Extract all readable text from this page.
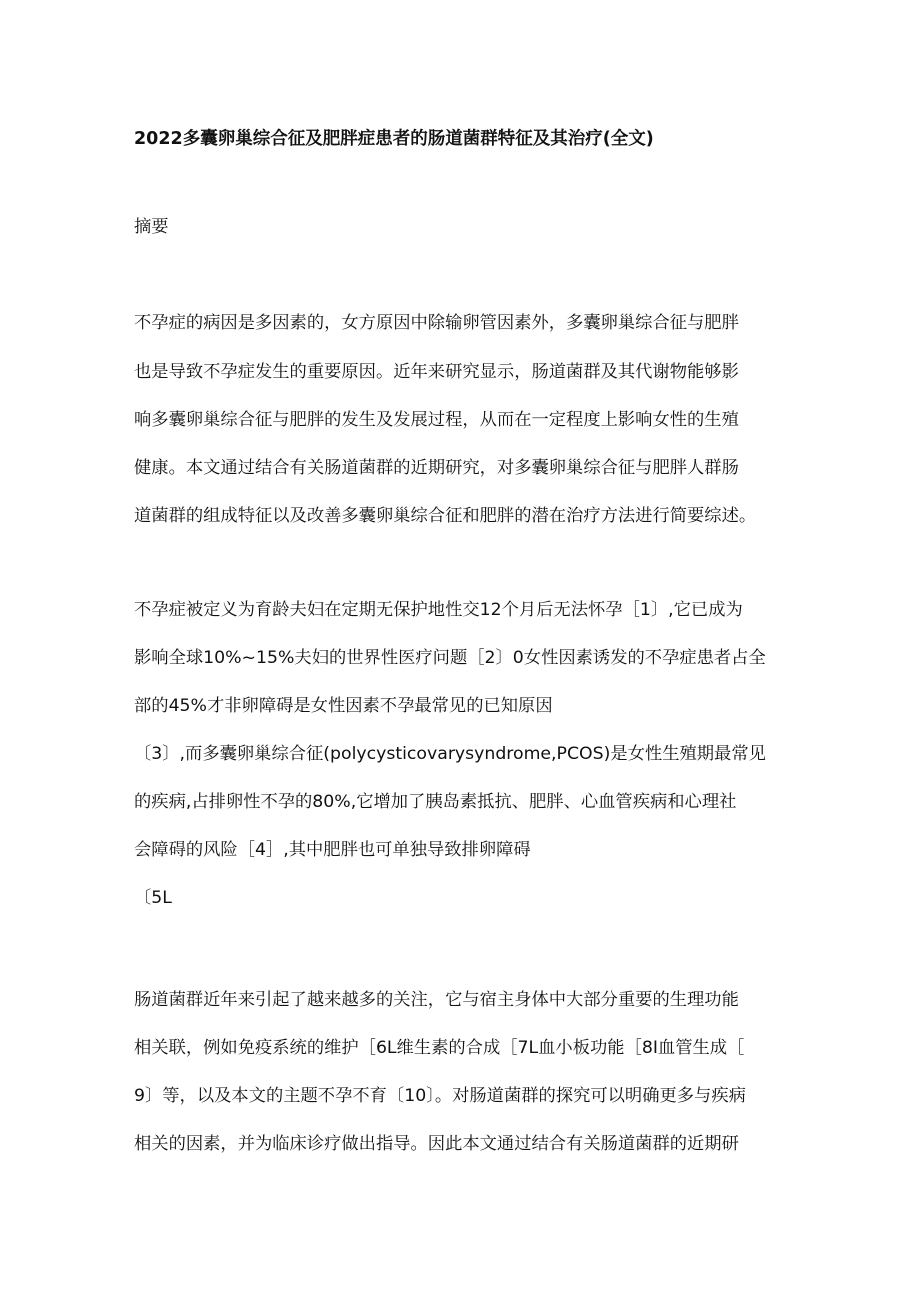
2022多囊卵巢综合征及肥胖症患者的肠道菌群特征及其治疗(全文)

摘要

不孕症的病因是多因素的，女方原因中除输卵管因素外，多囊卵巢综合征与肥胖

也是导致不孕症发生的重要原因。近年来研究显示，肠道菌群及其代谢物能够影

响多囊卵巢综合征与肥胖的发生及发展过程，从而在一定程度上影响女性的生殖

健康。本文通过结合有关肠道菌群的近期研究，对多囊卵巢综合征与肥胖人群肠

道菌群的组成特征以及改善多囊卵巢综合征和肥胖的潜在治疗方法进行简要综述。

不孕症被定义为育龄夫妇在定期无保护地性交12个月后无法怀孕［1〕,它已成为

影响全球10%~15%夫妇的世界性医疗问题［2〕0女性因素诱发的不孕症患者占全

部的45%才非卵障碍是女性因素不孕最常见的已知原因

〔3〕,而多囊卵巢综合征(polycysticovarysyndrome,PCOS)是女性生殖期最常见

的疾病,占排卵性不孕的80%,它增加了胰岛素抵抗、肥胖、心血管疾病和心理社

会障碍的风险［4］,其中肥胖也可单独导致排卵障碍

〔5L

肠道菌群近年来引起了越来越多的关注，它与宿主身体中大部分重要的生理功能

相关联，例如免疫系统的维护［6L维生素的合成［7L血小板功能［8I血管生成［

9〕等，以及本文的主题不孕不育〔10〕。对肠道菌群的探究可以明确更多与疾病

相关的因素，并为临床诊疗做出指导。因此本文通过结合有关肠道菌群的近期研
